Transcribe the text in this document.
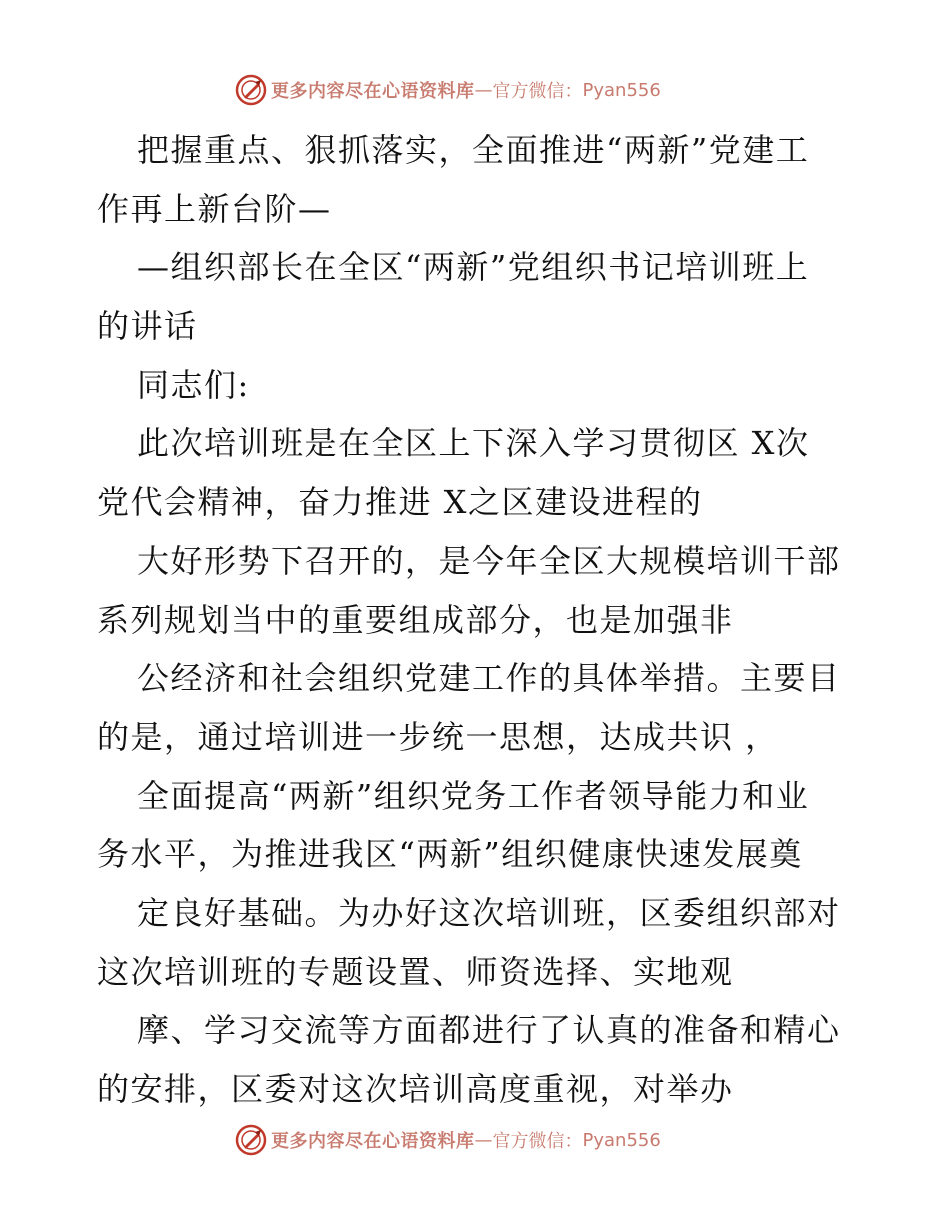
更多内容尽在心语资料库 — 官方微信： Pyan556
把握重点、狠抓落实，全面推进“两新”党建工
作再上新台阶—
—组织部长在全区“两新”党组织书记培训班上
的讲话
同志们:
此次培训班是在全区上下深入学习贯彻区 X次
党代会精神，奋力推进 X之区建设进程的
大好形势下召开的，是今年全区大规模培训干部
系列规划当中的重要组成部分，也是加强非
公经济和社会组织党建工作的具体举措。主要目
的是，通过培训进一步统一思想，达成共识 ，
全面提高“两新”组织党务工作者领导能力和业
务水平，为推进我区“两新”组织健康快速发展奠
定良好基础。为办好这次培训班，区委组织部对
这次培训班的专题设置、师资选择、实地观
摩、学习交流等方面都进行了认真的准备和精心
的安排，区委对这次培训高度重视，对举办
更多内容尽在心语资料库 — 官方微信： Pyan556
